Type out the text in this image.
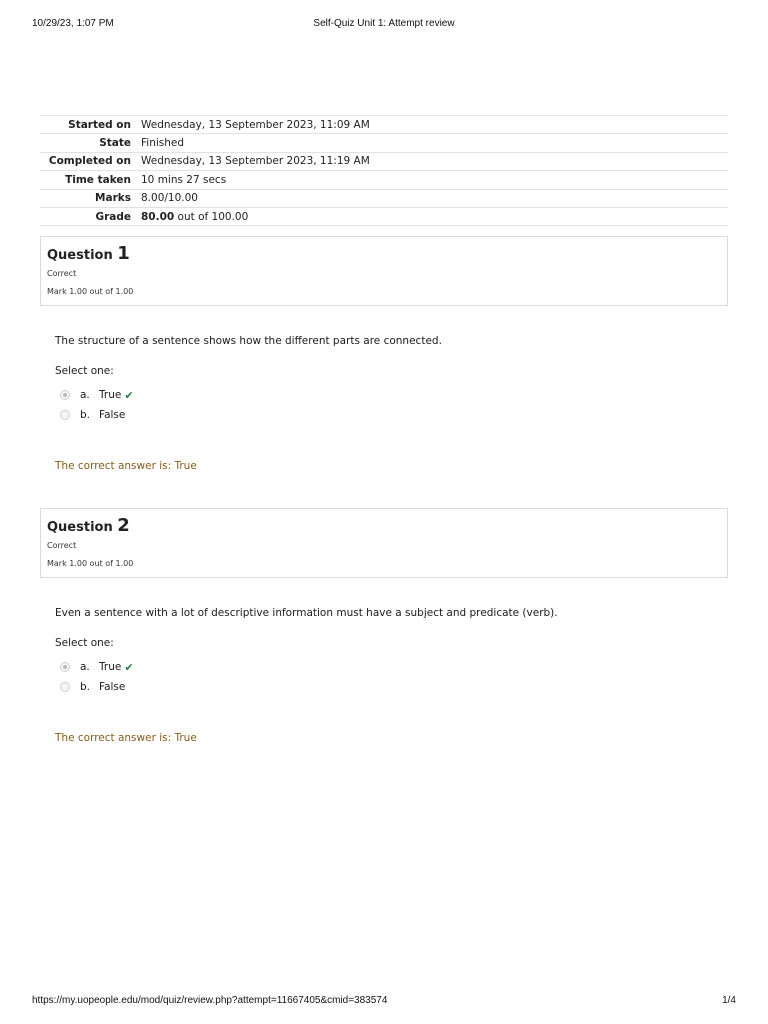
10/29/23, 1:07 PM	Self-Quiz Unit 1: Attempt review
Started on	Wednesday, 13 September 2023, 11:09 AM
State	Finished
Completed on	Wednesday, 13 September 2023, 11:19 AM
Time taken	10 mins 27 secs
Marks	8.00/10.00
Grade	80.00 out of 100.00
Question 1
Correct
Mark 1.00 out of 1.00
The structure of a sentence shows how the different parts are connected.
Select one:
a. True ✔
b. False
The correct answer is: True
Question 2
Correct
Mark 1.00 out of 1.00
Even a sentence with a lot of descriptive information must have a subject and predicate (verb).
Select one:
a. True ✔
b. False
The correct answer is: True
https://my.uopeople.edu/mod/quiz/review.php?attempt=11667405&cmid=383574	1/4
